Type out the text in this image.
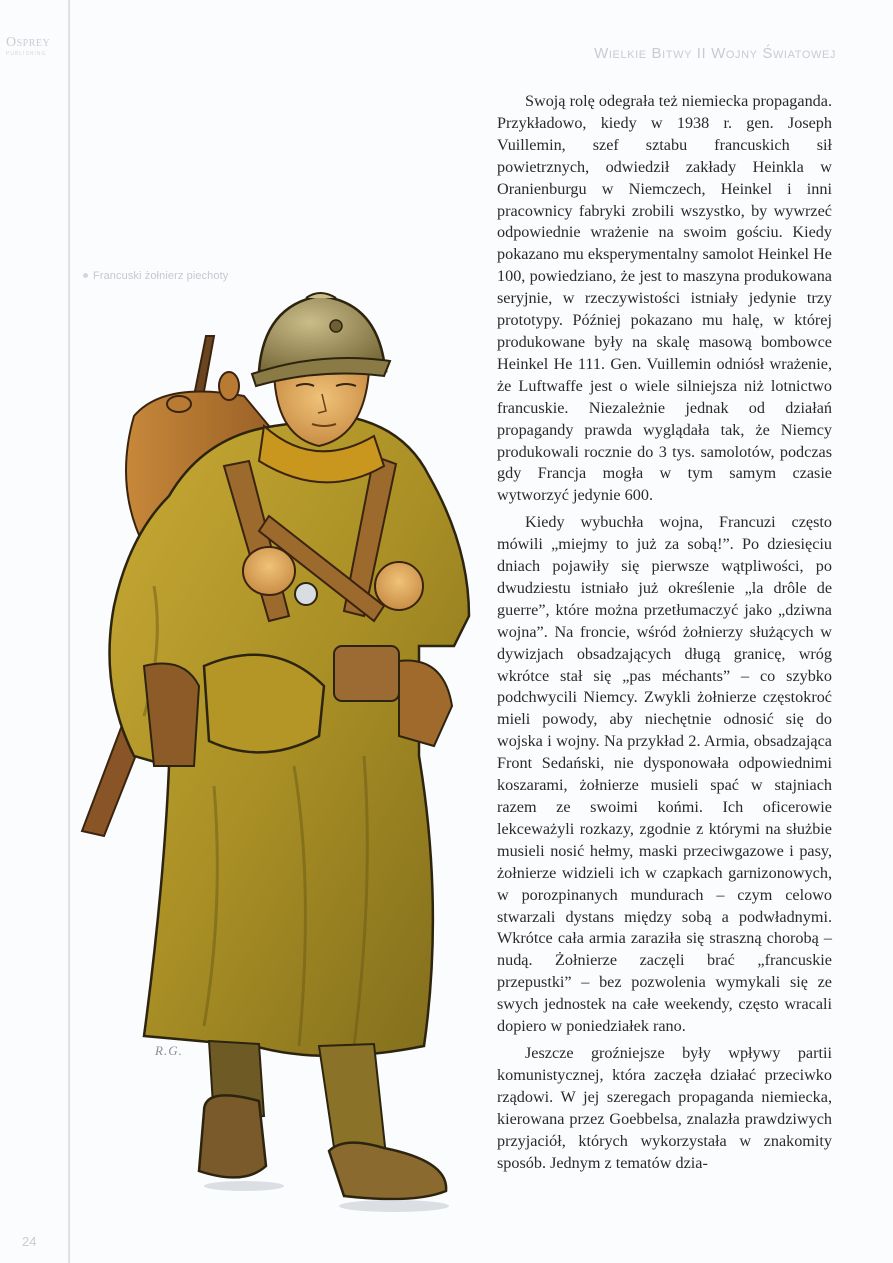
Osprey
PUBLISHING	Wielkie Bitwy II Wojny Światowej
Francuski żołnierz piechoty
R.G.

Swoją rolę odegrała też niemiecka propaganda. Przykładowo, kiedy w 1938 r. gen. Joseph Vuillemin, szef sztabu francuskich sił powietrznych, odwiedził zakłady Heinkla w Oranienburgu w Niemczech, Heinkel i inni pracownicy fabryki zrobili wszystko, by wywrzeć odpowiednie wrażenie na swoim gościu. Kiedy pokazano mu eksperymentalny samolot Heinkel He 100, powiedziano, że jest to maszyna produkowana seryjnie, w rzeczywistości istniały jedynie trzy prototypy. Później pokazano mu halę, w której produkowane były na skalę masową bombowce Heinkel He 111. Gen. Vuillemin odniósł wrażenie, że Luftwaffe jest o wiele silniejsza niż lotnictwo francuskie. Niezależnie jednak od działań propagandy prawda wyglądała tak, że Niemcy produkowali rocznie do 3 tys. samolotów, podczas gdy Francja mogła w tym samym czasie wytworzyć jedynie 600.

Kiedy wybuchła wojna, Francuzi często mówili „miejmy to już za sobą!”. Po dziesięciu dniach pojawiły się pierwsze wątpliwości, po dwudziestu istniało już określenie „la drôle de guerre”, które można przetłumaczyć jako „dziwna wojna”. Na froncie, wśród żołnierzy służących w dywizjach obsadzających długą granicę, wróg wkrótce stał się „pas méchants” – co szybko podchwycili Niemcy. Zwykli żołnierze częstokroć mieli powody, aby niechętnie odnosić się do wojska i wojny. Na przykład 2. Armia, obsadzająca Front Sedański, nie dysponowała odpowiednimi koszarami, żołnierze musieli spać w stajniach razem ze swoimi końmi. Ich oficerowie lekceważyli rozkazy, zgodnie z którymi na służbie musieli nosić hełmy, maski przeciwgazowe i pasy, żołnierze widzieli ich w czapkach garnizonowych, w porozpinanych mundurach – czym celowo stwarzali dystans między sobą a podwładnymi. Wkrótce cała armia zaraziła się straszną chorobą – nudą. Żołnierze zaczęli brać „francuskie przepustki” – bez pozwolenia wymykali się ze swych jednostek na całe weekendy, często wracali dopiero w poniedziałek rano.

Jeszcze groźniejsze były wpływy partii komunistycznej, która zaczęła działać przeciwko rządowi. W jej szeregach propaganda niemiecka, kierowana przez Goebbelsa, znalazła prawdziwych przyjaciół, których wykorzystała w znakomity sposób. Jednym z tematów dzia-

24
